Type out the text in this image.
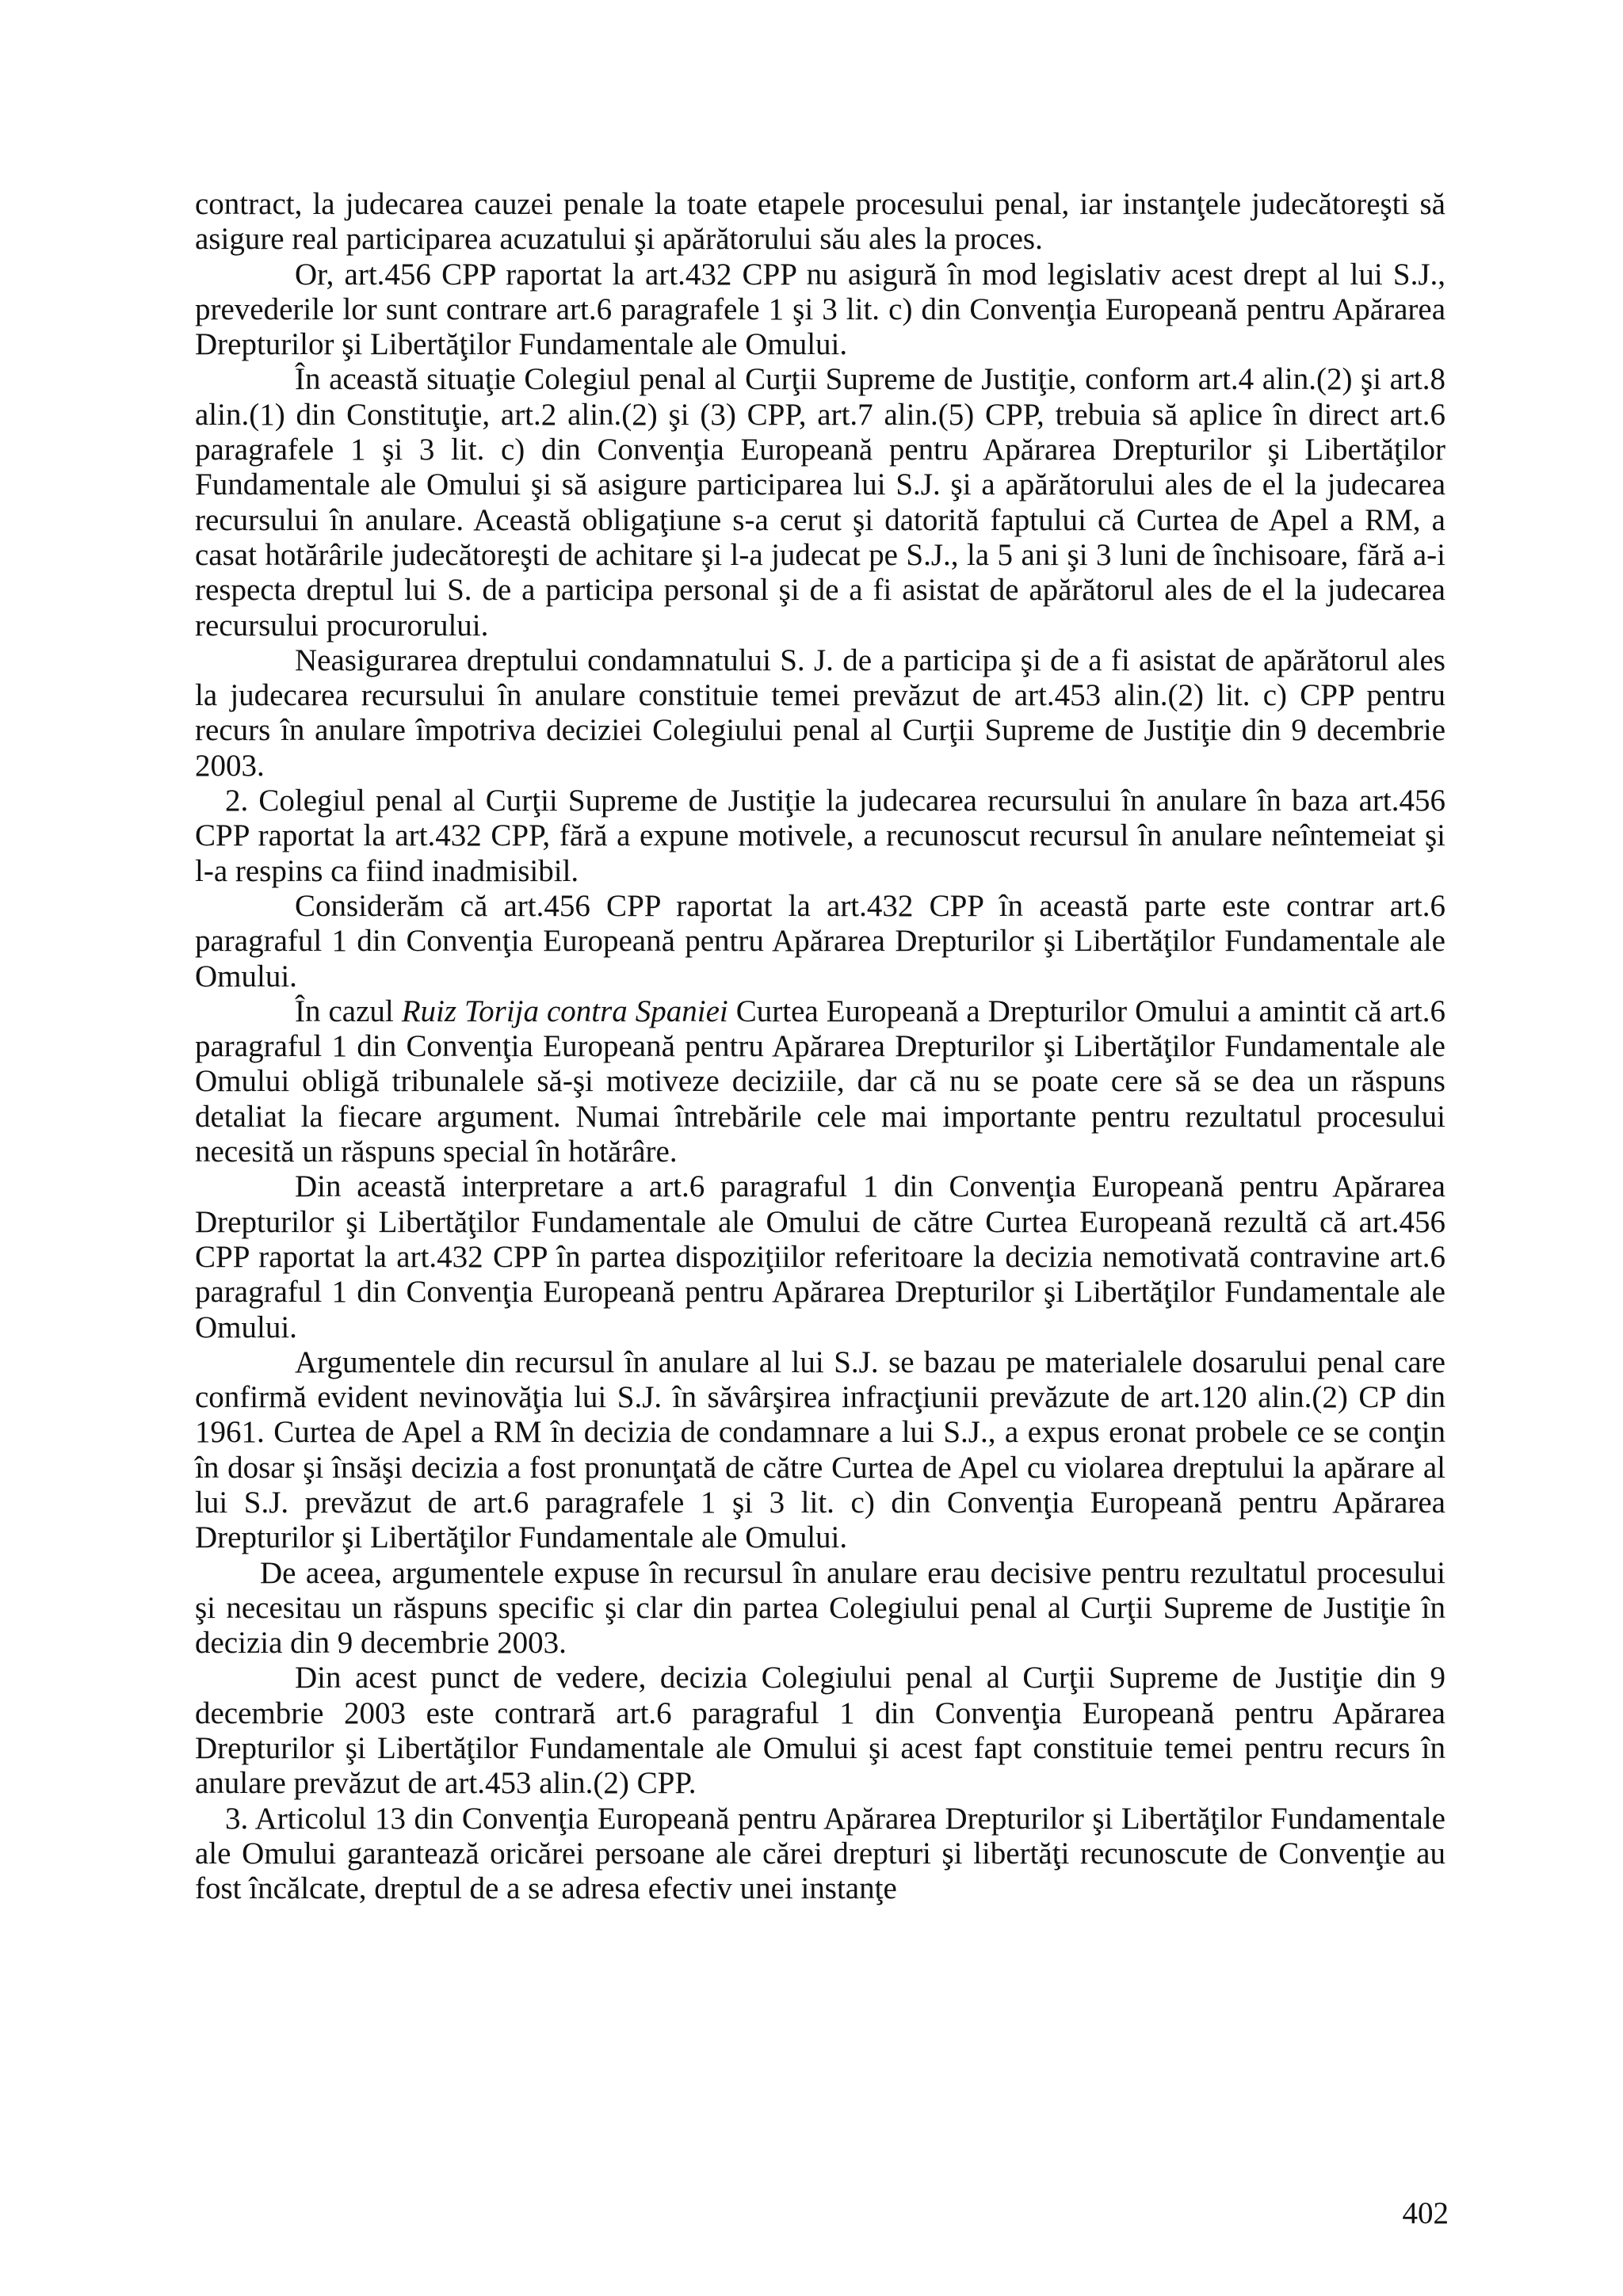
contract, la judecarea cauzei penale la toate etapele procesului penal, iar instanţele judecătoreşti să asigure real participarea acuzatului şi apărătorului său ales la proces.

Or, art.456 CPP raportat la art.432 CPP nu asigură în mod legislativ acest drept al lui S.J., prevederile lor sunt contrare art.6 paragrafele 1 şi 3 lit. c) din Convenţia Europeană pentru Apărarea Drepturilor şi Libertăţilor Fundamentale ale Omului.

În această situaţie Colegiul penal al Curţii Supreme de Justiţie, conform art.4 alin.(2) şi art.8 alin.(1) din Constituţie, art.2 alin.(2) şi (3) CPP, art.7 alin.(5) CPP, trebuia să aplice în direct art.6 paragrafele 1 şi 3 lit. c) din Convenţia Europeană pentru Apărarea Drepturilor şi Libertăţilor Fundamentale ale Omului şi să asigure participarea lui S.J. şi a apărătorului ales de el la judecarea recursului în anulare. Această obligaţiune s-a cerut şi datorită faptului că Curtea de Apel a RM, a casat hotărârile judecătoreşti de achitare şi l-a judecat pe S.J., la 5 ani şi 3 luni de închisoare, fără a-i respecta dreptul lui S. de a participa personal şi de a fi asistat de apărătorul ales de el la judecarea recursului procurorului.

Neasigurarea dreptului condamnatului S. J. de a participa şi de a fi asistat de apărătorul ales la judecarea recursului în anulare constituie temei prevăzut de art.453 alin.(2) lit. c) CPP pentru recurs în anulare împotriva deciziei Colegiului penal al Curţii Supreme de Justiţie din 9 decembrie 2003.

2. Colegiul penal al Curţii Supreme de Justiţie la judecarea recursului în anulare în baza art.456 CPP raportat la art.432 CPP, fără a expune motivele, a recunoscut recursul în anulare neîntemeiat şi l-a respins ca fiind inadmisibil.

Considerăm că art.456 CPP raportat la art.432 CPP în această parte este contrar art.6 paragraful 1 din Convenţia Europeană pentru Apărarea Drepturilor şi Libertăţilor Fundamentale ale Omului.

În cazul Ruiz Torija contra Spaniei Curtea Europeană a Drepturilor Omului a amintit că art.6 paragraful 1 din Convenţia Europeană pentru Apărarea Drepturilor şi Libertăţilor Fundamentale ale Omului obligă tribunalele să-şi motiveze deciziile, dar că nu se poate cere să se dea un răspuns detaliat la fiecare argument. Numai întrebările cele mai importante pentru rezultatul procesului necesită un răspuns special în hotărâre.

Din această interpretare a art.6 paragraful 1 din Convenţia Europeană pentru Apărarea Drepturilor şi Libertăţilor Fundamentale ale Omului de către Curtea Europeană rezultă că art.456 CPP raportat la art.432 CPP în partea dispoziţiilor referitoare la decizia nemotivată contravine art.6 paragraful 1 din Convenţia Europeană pentru Apărarea Drepturilor şi Libertăţilor Fundamentale ale Omului.

Argumentele din recursul în anulare al lui S.J. se bazau pe materialele dosarului penal care confirmă evident nevinovăţia lui S.J. în săvârşirea infracţiunii prevăzute de art.120 alin.(2) CP din 1961. Curtea de Apel a RM în decizia de condamnare a lui S.J., a expus eronat probele ce se conţin în dosar şi însăşi decizia a fost pronunţată de către Curtea de Apel cu violarea dreptului la apărare al lui S.J. prevăzut de art.6 paragrafele 1 şi 3 lit. c) din Convenţia Europeană pentru Apărarea Drepturilor şi Libertăţilor Fundamentale ale Omului.

De aceea, argumentele expuse în recursul în anulare erau decisive pentru rezultatul procesului şi necesitau un răspuns specific şi clar din partea Colegiului penal al Curţii Supreme de Justiţie în decizia din 9 decembrie 2003.

Din acest punct de vedere, decizia Colegiului penal al Curţii Supreme de Justiţie din 9 decembrie 2003 este contrară art.6 paragraful 1 din Convenţia Europeană pentru Apărarea Drepturilor şi Libertăţilor Fundamentale ale Omului şi acest fapt constituie temei pentru recurs în anulare prevăzut de art.453 alin.(2) CPP.

3. Articolul 13 din Convenţia Europeană pentru Apărarea Drepturilor şi Libertăţilor Fundamentale ale Omului garantează oricărei persoane ale cărei drepturi şi libertăţi recunoscute de Convenţie au fost încălcate, dreptul de a se adresa efectiv unei instanţe

402
